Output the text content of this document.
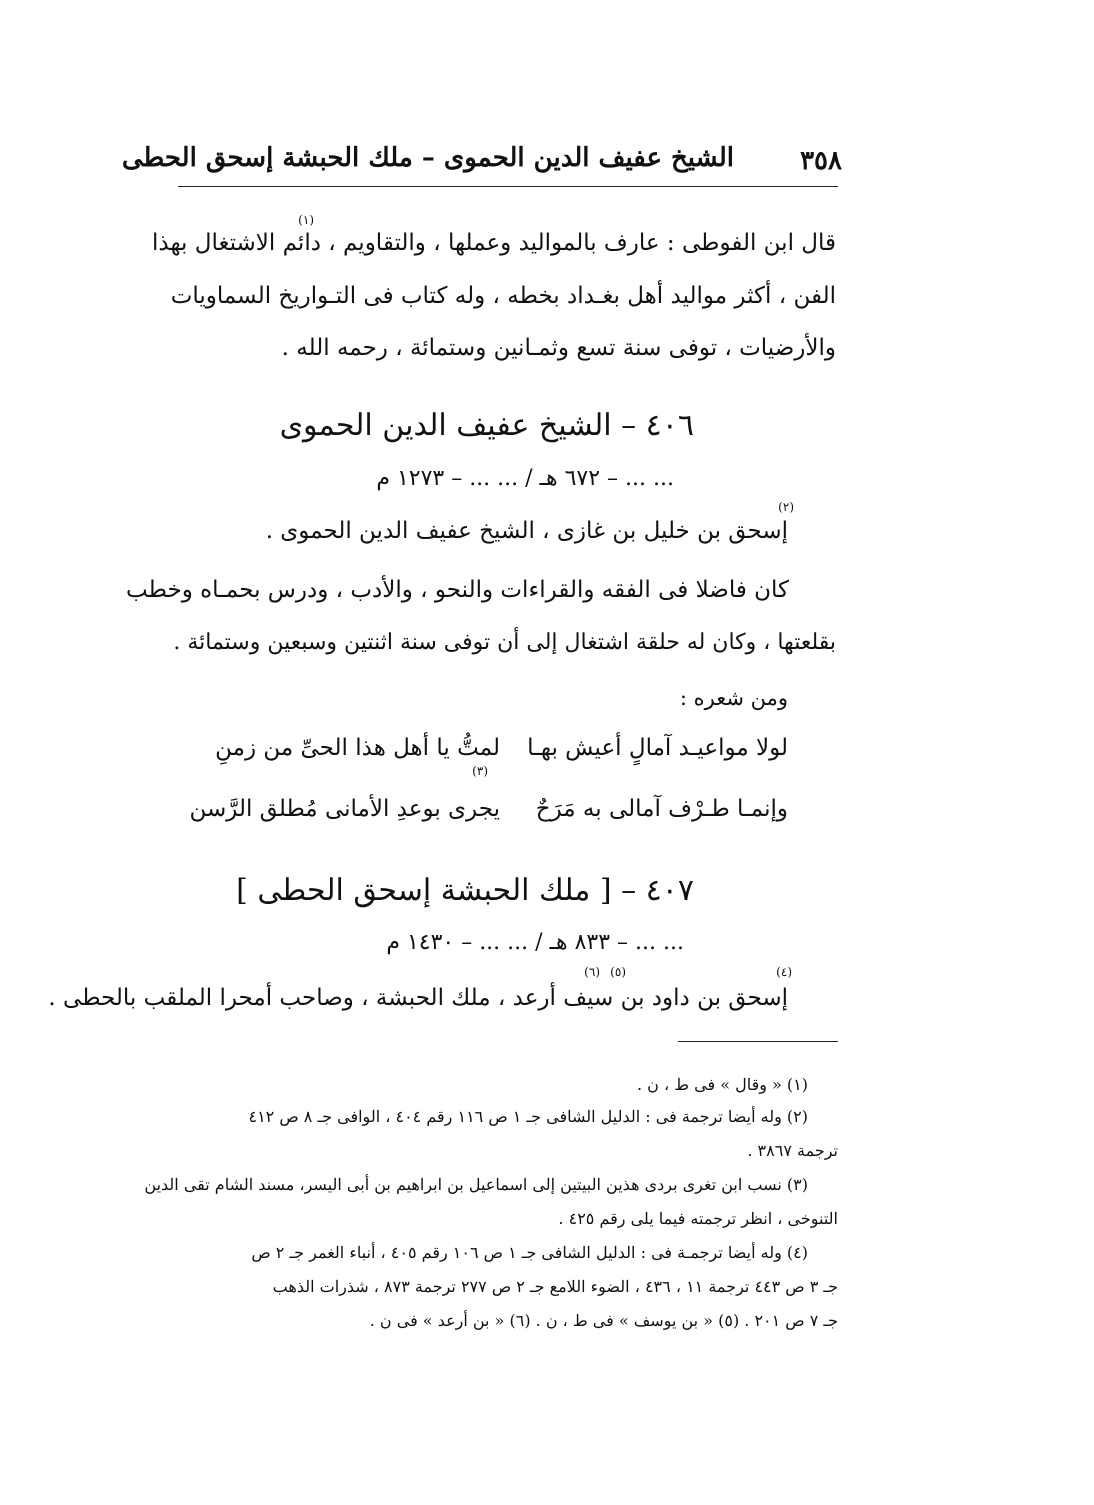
٣٥٨
الشيخ عفيف الدين الحموى – ملك الحبشة إسحق الحطى
$^{(١)}$
قال ابن الفوطى : عارف بالمواليد وعملها ، والتقاويم ، دائم الاشتغال بهذا
الفن ، أكثر مواليد أهل بغـداد بخطه ، وله كتاب فى التـواريخ السماويات
والأرضيات ، توفى سنة تسع وثمـانين وستمائة ، رحمه الله .
٤٠٦ – الشيخ عفيف الدين الحموى
... ... – ٦٧٢ هـ / ... ... – ١٢٧٣ م
$^{(٢)}$
إسحق بن خليل بن غازى ، الشيخ عفيف الدين الحموى .
كان فاضلا فى الفقه والقراءات والنحو ، والأدب ، ودرس بحمـاه وخطب
بقلعتها ، وكان له حلقة اشتغال إلى أن توفى سنة اثنتين وسبعين وستمائة .
ومن شعره :
لولا مواعيـد آمالٍ أعيش بهـا
لمتُّ يا أهل هذا الحىِّ من زمنِ
$^{(٣)}$
وإنمـا طـرْف آمالى به مَرَحٌ
يجرى بوعدِ الأمانى مُطلق الرَّسن
٤٠٧ – [ ملك الحبشة إسحق الحطى ]
... ... – ٨٣٣ هـ / ... ... – ١٤٣٠ م
$^{(٤)}$
$^{(٥)}$
$^{(٦)}$
إسحق بن داود بن سيف أرعد ، ملك الحبشة ، وصاحب أمحرا الملقب بالحطى .
(١) « وقال » فى ط ، ن .
(٢) وله أيضا ترجمة فى : الدليل الشافى جـ ١ ص ١١٦ رقم ٤٠٤ ، الوافى جـ ٨ ص ٤١٢
ترجمة ٣٨٦٧ .
(٣) نسب ابن تغرى بردى هذين البيتين إلى اسماعيل بن ابراهيم بن أبى اليسر، مسند الشام تقى الدين
التنوخى ، انظر ترجمته فيما يلى رقم ٤٢٥ .
(٤) وله أيضا ترجمـة فى : الدليل الشافى جـ ١ ص ١٠٦ رقم ٤٠٥ ، أنباء الغمر جـ ٢ ص
جـ ٣ ص ٤٤٣ ترجمة ١١ ، ٤٣٦ ، الضوء اللامع جـ ٢ ص ٢٧٧ ترجمة ٨٧٣ ، شذرات الذهب
جـ ٧ ص ٢٠١ . (٥) « بن يوسف » فى ط ، ن . (٦) « بن أرعد » فى ن .
